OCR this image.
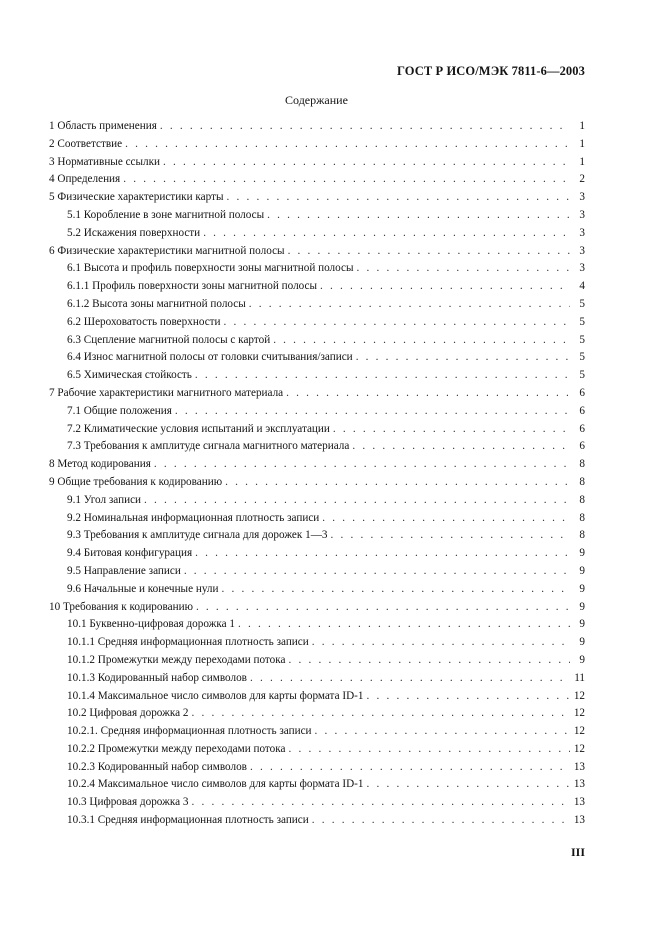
ГОСТ Р ИСО/МЭК 7811-6—2003
Содержание
1 Область применения . . .	1
2 Соответствие . . .	1
3 Нормативные ссылки . . .	1
4 Определения . . .	2
5 Физические характеристики карты . . .	3
5.1 Коробление в зоне магнитной полосы . . .	3
5.2 Искажения поверхности . . .	3
6 Физические характеристики магнитной полосы . . .	3
6.1 Высота и профиль поверхности зоны магнитной полосы . . .	3
6.1.1 Профиль поверхности зоны магнитной полосы . . .	4
6.1.2 Высота зоны магнитной полосы . . .	5
6.2 Шероховатость поверхности . . .	5
6.3 Сцепление магнитной полосы с картой . . .	5
6.4 Износ магнитной полосы от головки считывания/записи . . .	5
6.5 Химическая стойкость . . .	5
7 Рабочие характеристики магнитного материала . . .	6
7.1 Общие положения . . .	6
7.2 Климатические условия испытаний и эксплуатации . . .	6
7.3 Требования к амплитуде сигнала магнитного материала . . .	6
8 Метод кодирования . . .	8
9 Общие требования к кодированию . . .	8
9.1 Угол записи . . .	8
9.2 Номинальная информационная плотность записи . . .	8
9.3 Требования к амплитуде сигнала для дорожек 1—3 . . .	8
9.4 Битовая конфигурация . . .	9
9.5 Направление записи . . .	9
9.6 Начальные и конечные нули . . .	9
10 Требования к кодированию . . .	9
10.1 Буквенно-цифровая дорожка 1 . . .	9
10.1.1 Средняя информационная плотность записи . . .	9
10.1.2 Промежутки между переходами потока . . .	9
10.1.3 Кодированный набор символов . . .	11
10.1.4 Максимальное число символов для карты формата ID-1 . . .	12
10.2 Цифровая дорожка 2 . . .	12
10.2.1. Средняя информационная плотность записи . . .	12
10.2.2 Промежутки между переходами потока . . .	12
10.2.3 Кодированный набор символов . . .	13
10.2.4 Максимальное число символов для карты формата ID-1 . . .	13
10.3 Цифровая дорожка 3 . . .	13
10.3.1 Средняя информационная плотность записи . . .	13
III
